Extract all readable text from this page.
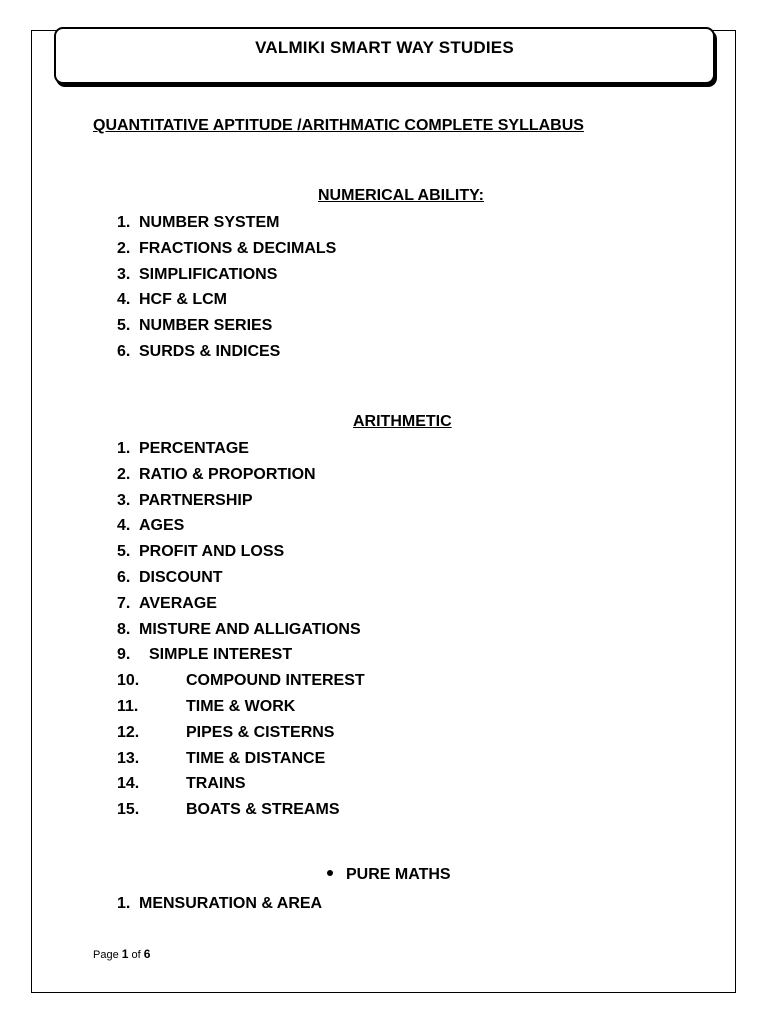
VALMIKI SMART WAY STUDIES
QUANTITATIVE APTITUDE /ARITHMATIC COMPLETE SYLLABUS
NUMERICAL ABILITY:
1. NUMBER SYSTEM
2. FRACTIONS & DECIMALS
3. SIMPLIFICATIONS
4. HCF & LCM
5. NUMBER SERIES
6. SURDS & INDICES
ARITHMETIC
1. PERCENTAGE
2. RATIO & PROPORTION
3. PARTNERSHIP
4. AGES
5. PROFIT AND LOSS
6. DISCOUNT
7. AVERAGE
8. MISTURE AND ALLIGATIONS
9. SIMPLE INTEREST
10.	COMPOUND INTEREST
11.	TIME & WORK
12.	PIPES & CISTERNS
13.	TIME & DISTANCE
14.	TRAINS
15.	BOATS & STREAMS
PURE MATHS
1. MENSURATION & AREA
Page 1 of 6
